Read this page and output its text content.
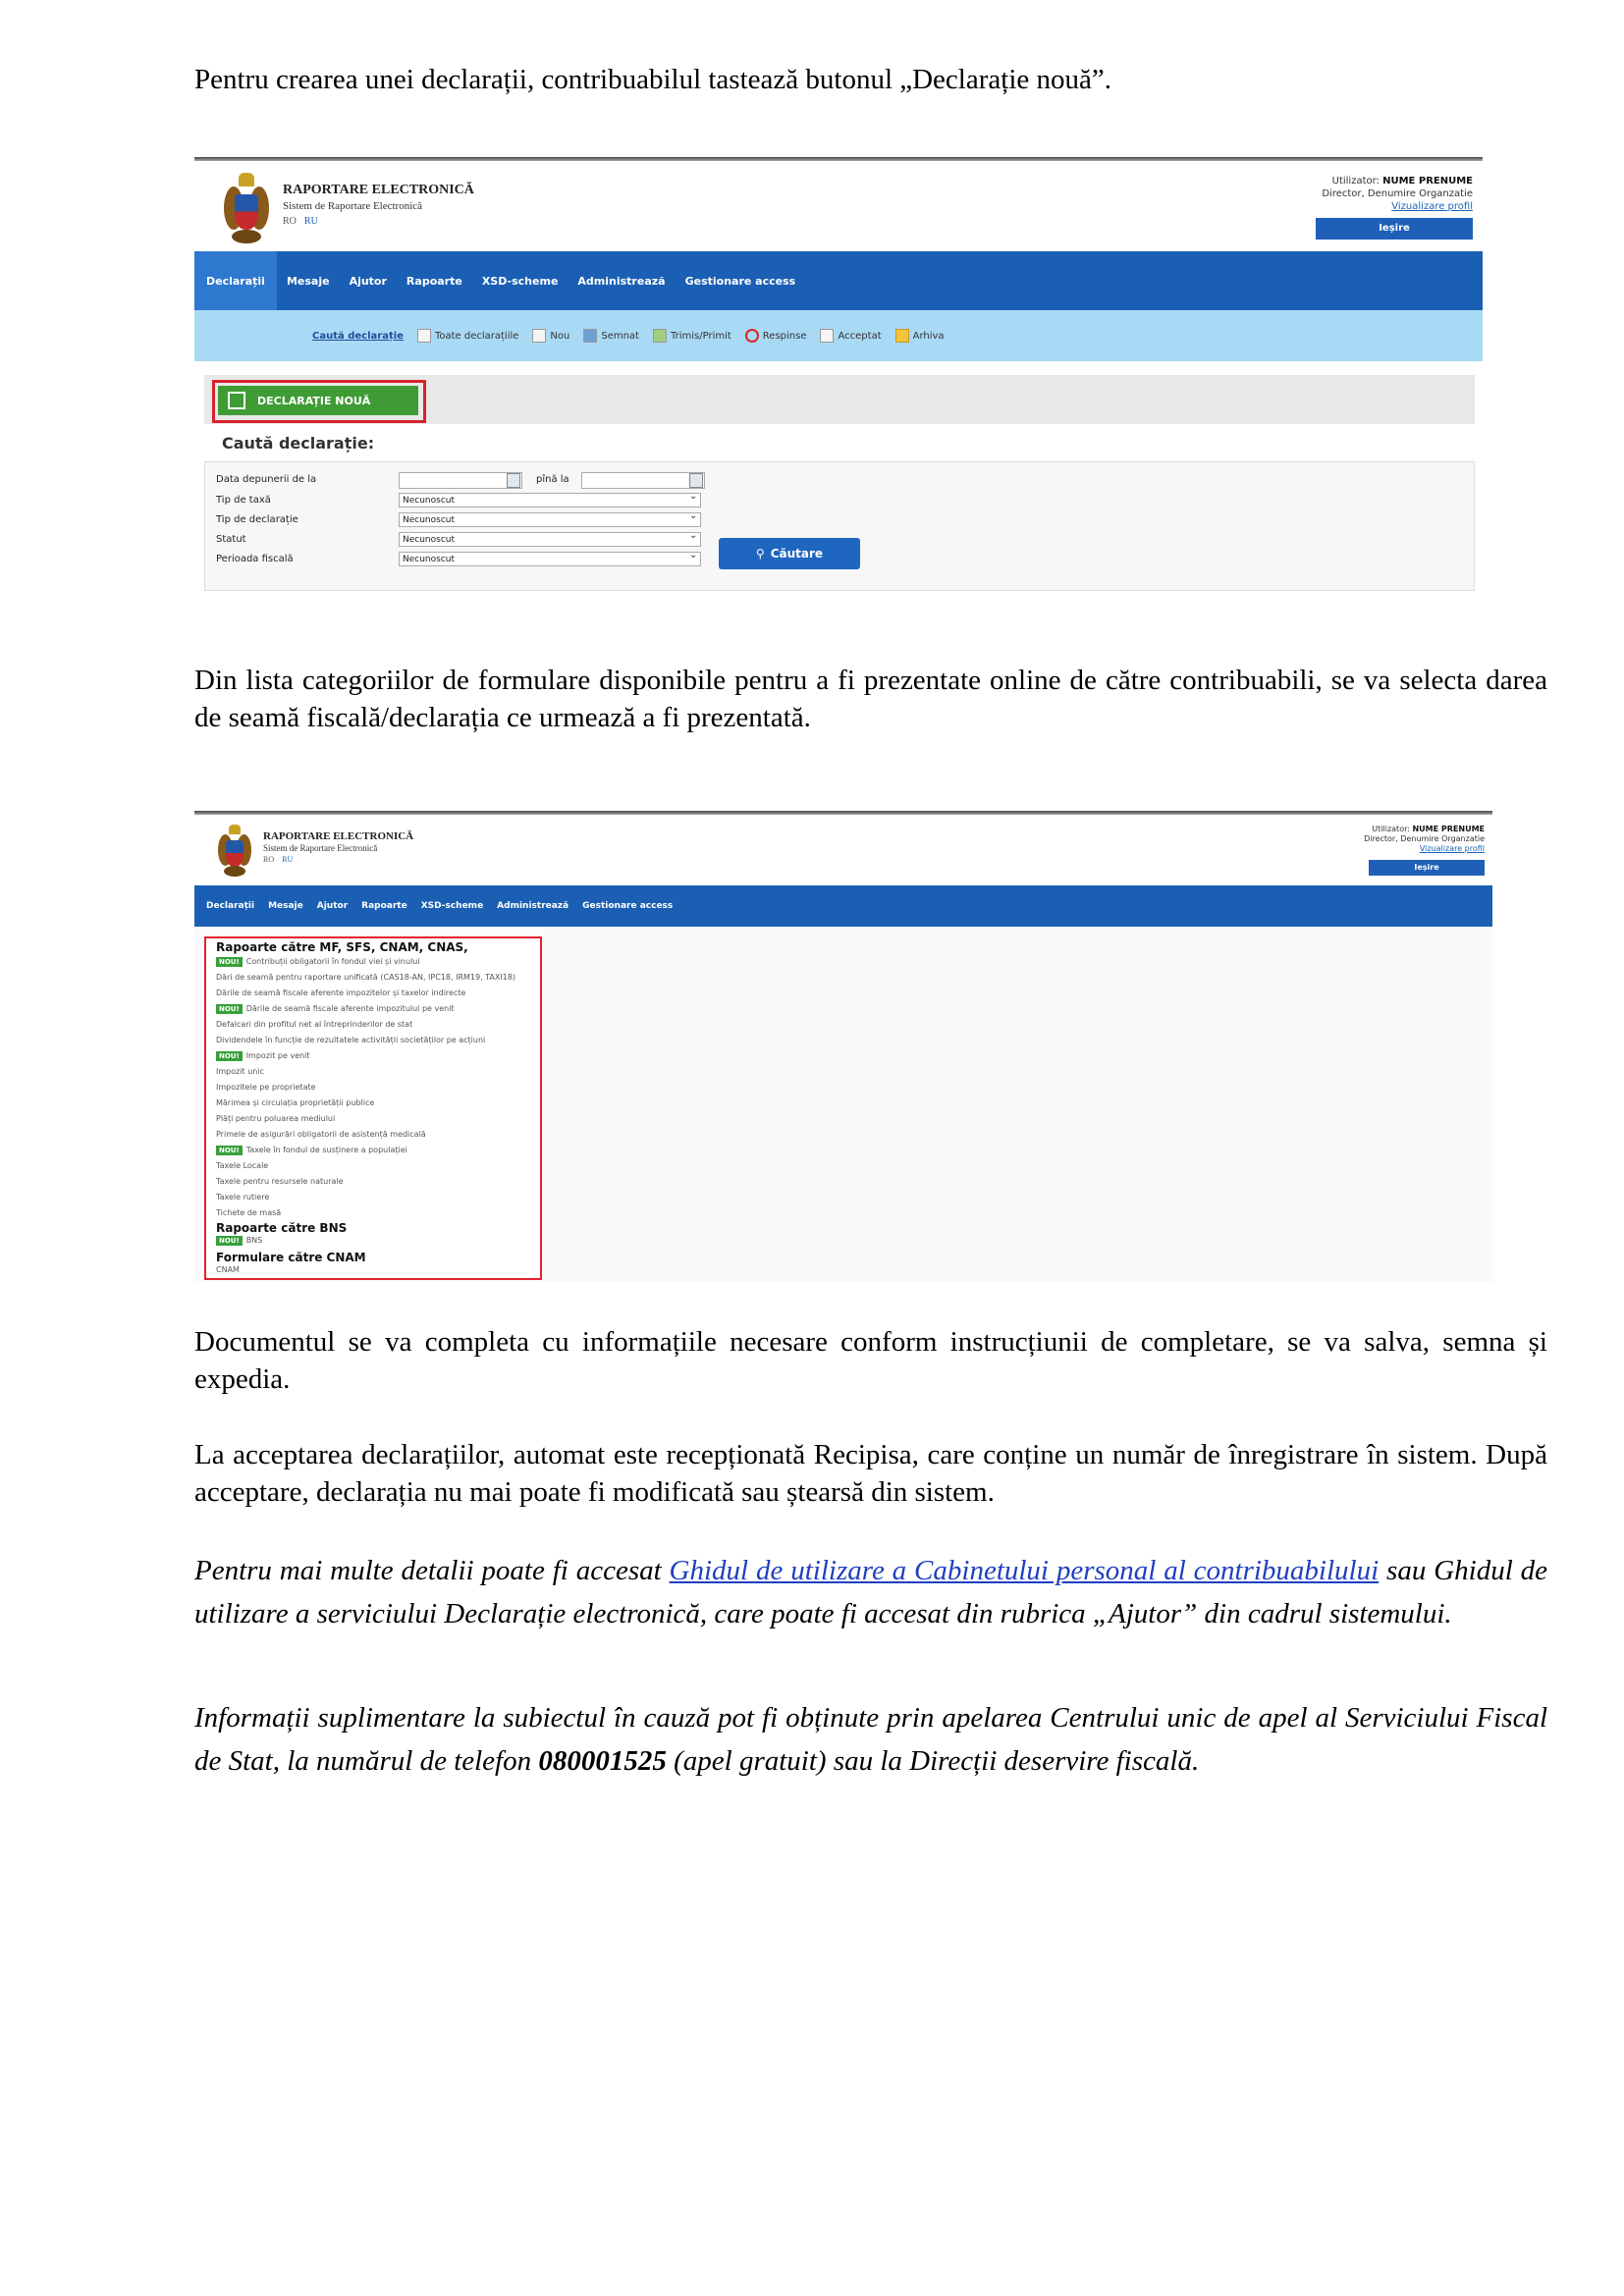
Pentru crearea unei declarații, contribuabilul tastează butonul „Declarație nouă”.
RAPORTARE ELECTRONICĂ
Sistem de Raportare Electronică
RO RU
Utilizator: NUME PRENUME
Director, Denumire Organzatie
Vizualizare profil
Ieșire
Declarații	Mesaje	Ajutor	Rapoarte	XSD-scheme	Administrează	Gestionare access
Caută declarație	Toate declarațiile	Nou	Semnat	Trimis/Primit	Respinse	Acceptat	Arhiva
DECLARAȚIE NOUĂ
Caută declarație:
Data depunerii de la	pînă la
Tip de taxă	Necunoscut	⌄
Tip de declarație	Necunoscut	⌄
Statut	Necunoscut	⌄
Perioada fiscală	Necunoscut	⌄	⚲ Căutare
Din lista categoriilor de formulare disponibile pentru a fi prezentate online de către contribuabili, se va selecta darea de seamă fiscală/declarația ce urmează a fi prezentată.
RAPORTARE ELECTRONICĂ
Sistem de Raportare Electronică
RO RU
Utilizator: NUME PRENUME
Director, Denumire Organzatie
Vizualizare profil
Ieșire
Declarații	Mesaje	Ajutor	Rapoarte	XSD-scheme	Administrează	Gestionare access
Rapoarte către MF, SFS, CNAM, CNAS,
NOU! Contribuții obligatorii în fondul viei și vinului
Dări de seamă pentru raportare unificată (CAS18-AN, IPC18, IRM19, TAXI18)
Dările de seamă fiscale aferente impozitelor și taxelor indirecte
NOU! Dările de seamă fiscale aferente impozitului pe venit
Defalcari din profitul net al întreprinderilor de stat
Dividendele în funcție de rezultatele activității societăților pe acțiuni
NOU! Impozit pe venit
Impozit unic
Impozitele pe proprietate
Mărimea și circulația proprietății publice
Plăți pentru poluarea mediului
Primele de asigurări obligatorii de asistență medicală
NOU! Taxele în fondul de susținere a populației
Taxele Locale
Taxele pentru resursele naturale
Taxele rutiere
Tichete de masă
Rapoarte către BNS
NOU! BNS
Formulare către CNAM
CNAM
Documentul se va completa cu informațiile necesare conform instrucțiunii de completare, se va salva, semna și expedia.
La acceptarea declarațiilor, automat este recepționată Recipisa, care conține un număr de înregistrare în sistem. După acceptare, declarația nu mai poate fi modificată sau ștearsă din sistem.
Pentru mai multe detalii poate fi accesat Ghidul de utilizare a Cabinetului personal al contribuabilului sau Ghidul de utilizare a serviciului Declarație electronică, care poate fi accesat din rubrica „Ajutor” din cadrul sistemului.
Informații suplimentare la subiectul în cauză pot fi obținute prin apelarea Centrului unic de apel al Serviciului Fiscal de Stat, la numărul de telefon 080001525 (apel gratuit) sau la Direcții deservire fiscală.
